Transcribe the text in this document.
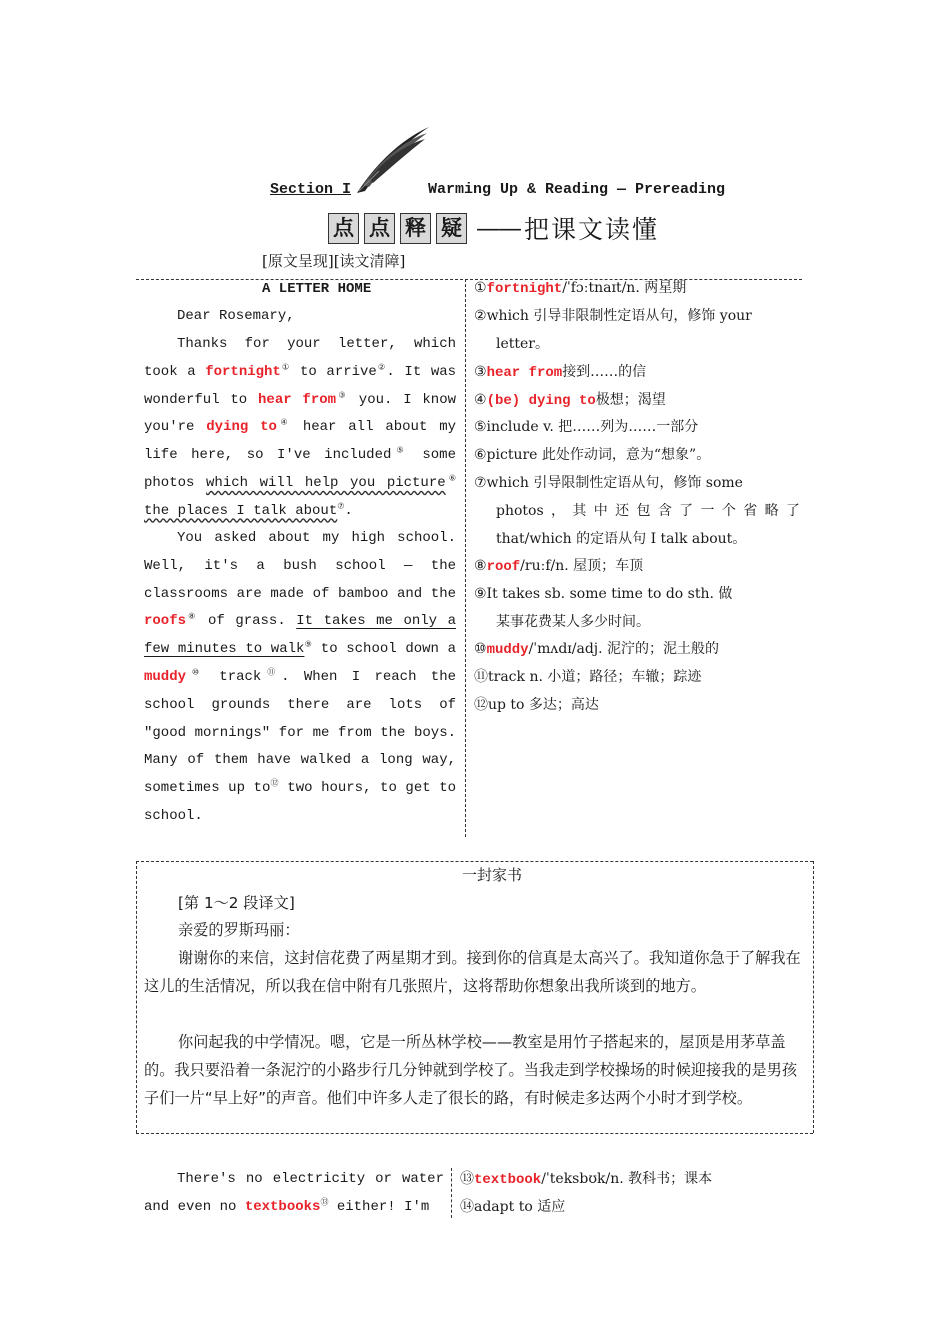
Section I	Warming Up & Reading — Prereading
点 点 释 疑 —— 把课文读懂
[原文呈现][读文清障]
A LETTER HOME
Dear Rosemary,
Thanks for your letter, which took a fortnight① to arrive②. It was wonderful to hear from③ you. I know you're dying to④ hear all about my life here, so I've included⑤ some photos which will help you picture⑥ the places I talk about⑦.
You asked about my high school. Well, it's a bush school — the classrooms are made of bamboo and the roofs⑧ of grass. It takes me only a few minutes to walk⑨ to school down a muddy⑩ track⑪. When I reach the school grounds there are lots of "good mornings" for me from the boys. Many of them have walked a long way, sometimes up to⑫ two hours, to get to school.
①fortnight/ˈfɔːtnaɪt/n. 两星期
②which 引导非限制性定语从句，修饰 your
letter。
③hear from接到……的信
④(be) dying to极想；渴望
⑤include v. 把……列为……一部分
⑥picture 此处作动词，意为“想象”。
⑦which 引导限制性定语从句，修饰 some
photos，其中还包含了一个省略了
that/which 的定语从句 I talk about。
⑧roof/ruːf/n. 屋顶；车顶
⑨It takes sb. some time to do sth. 做
某事花费某人多少时间。
⑩muddy/ˈmʌdɪ/adj. 泥泞的；泥土般的
⑪track n. 小道；路径；车辙；踪迹
⑫up to 多达；高达
一封家书
[第 1～2 段译文]
亲爱的罗斯玛丽：
谢谢你的来信，这封信花费了两星期才到。接到你的信真是太高兴了。我知道你急于了解我在这儿的生活情况，所以我在信中附有几张照片，这将帮助你想象出我所谈到的地方。
你问起我的中学情况。嗯，它是一所丛林学校——教室是用竹子搭起来的，屋顶是用茅草盖的。我只要沿着一条泥泞的小路步行几分钟就到学校了。当我走到学校操场的时候迎接我的是男孩子们一片“早上好”的声音。他们中许多人走了很长的路，有时候走多达两个小时才到学校。
There's no electricity or water and even no textbooks⑬ either! I'm
⑬textbook/ˈteksbʊk/n. 教科书；课本
⑭adapt to 适应
